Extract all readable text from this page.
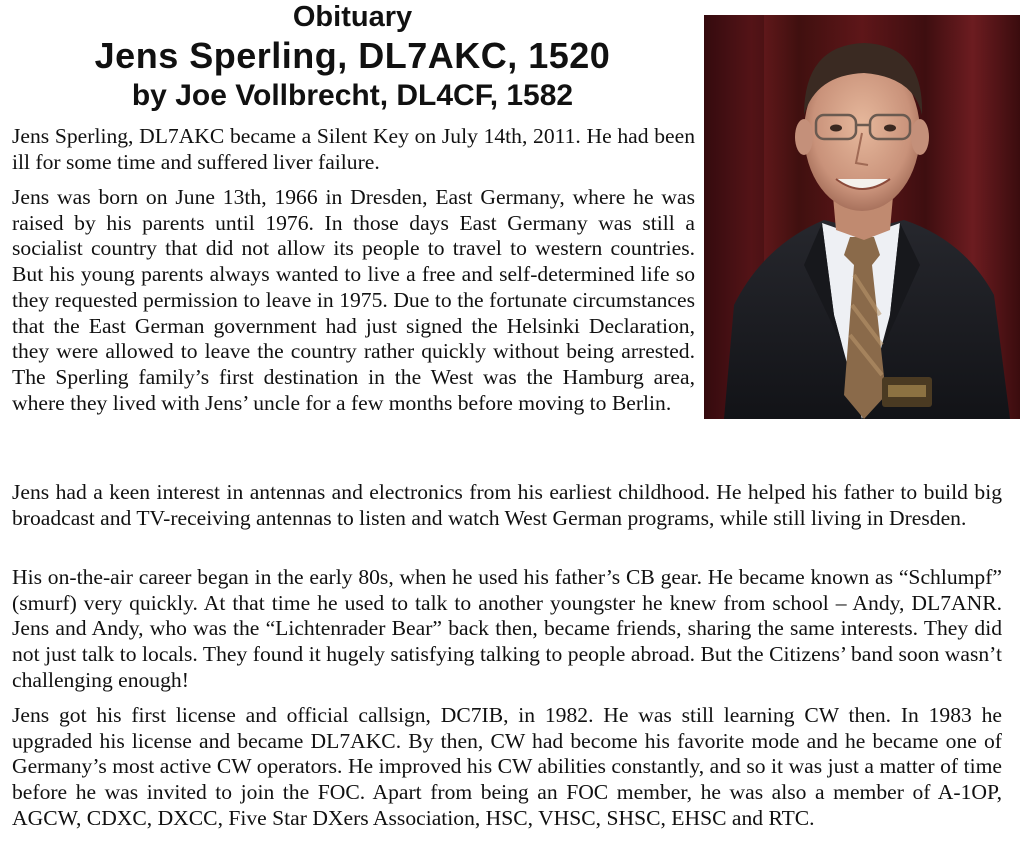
Obituary
Jens Sperling, DL7AKC, 1520
by Joe Vollbrecht, DL4CF, 1582

Jens Sperling, DL7AKC became a Silent Key on July 14th, 2011. He had been ill for some time and suffered liver failure.

Jens was born on June 13th, 1966 in Dresden, East Germany, where he was raised by his parents until 1976. In those days East Germany was still a socialist country that did not allow its people to travel to western countries. But his young parents always wanted to live a free and self-determined life so they requested permission to leave in 1975. Due to the fortunate circumstances that the East German government had just signed the Helsinki Declaration, they were allowed to leave the country rather quickly without being arrested. The Sperling family’s first destination in the West was the Hamburg area, where they lived with Jens’ uncle for a few months before moving to Berlin.

Jens had a keen interest in antennas and electronics from his earliest childhood. He helped his father to build big broadcast and TV-receiving antennas to listen and watch West German programs, while still living in Dresden.

His on-the-air career began in the early 80s, when he used his father’s CB gear. He became known as “Schlumpf” (smurf) very quickly. At that time he used to talk to another youngster he knew from school – Andy, DL7ANR. Jens and Andy, who was the “Lichtenrader Bear” back then, became friends, sharing the same interests. They did not just talk to locals. They found it hugely satisfying talking to people abroad. But the Citizens’ band soon wasn’t challenging enough!

Jens got his first license and official callsign, DC7IB, in 1982. He was still learning CW then. In 1983 he upgraded his license and became DL7AKC. By then, CW had become his favorite mode and he became one of Germany’s most active CW operators. He improved his CW abilities constantly, and so it was just a matter of time before he was invited to join the FOC. Apart from being an FOC member, he was also a member of A-1OP, AGCW, CDXC, DXCC, Five Star DXers Association, HSC, VHSC, SHSC, EHSC and RTC.
